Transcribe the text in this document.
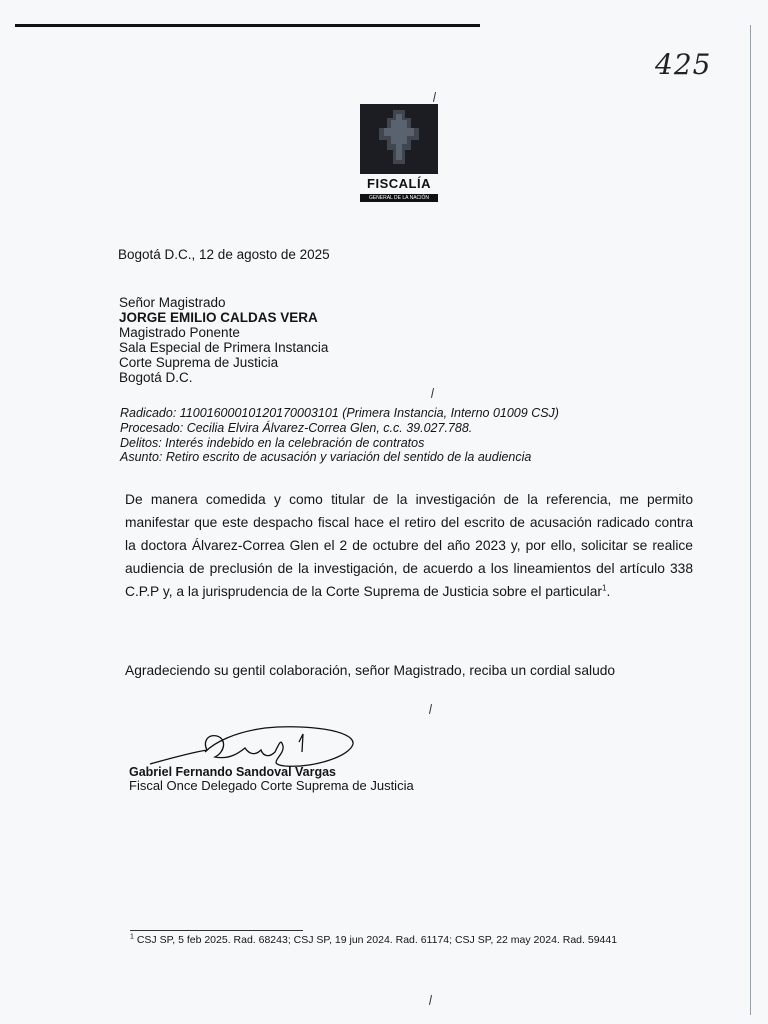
425
FISCALÍA
GENERAL DE LA NACIÓN
Bogotá D.C., 12 de agosto de 2025
Señor Magistrado
JORGE EMILIO CALDAS VERA
Magistrado Ponente
Sala Especial de Primera Instancia
Corte Suprema de Justicia
Bogotá D.C.
Radicado: 11001600010120170003101 (Primera Instancia, Interno 01009 CSJ)
Procesado: Cecilia Elvira Álvarez-Correa Glen, c.c. 39.027.788.
Delitos: Interés indebido en la celebración de contratos
Asunto: Retiro escrito de acusación y variación del sentido de la audiencia
De manera comedida y como titular de la investigación de la referencia, me permito manifestar que este despacho fiscal hace el retiro del escrito de acusación radicado contra la doctora Álvarez-Correa Glen el 2 de octubre del año 2023 y, por ello, solicitar se realice audiencia de preclusión de la investigación, de acuerdo a los lineamientos del artículo 338 C.P.P y, a la jurisprudencia de la Corte Suprema de Justicia sobre el particular$^1$.
Agradeciendo su gentil colaboración, señor Magistrado, reciba un cordial saludo
Gabriel Fernando Sandoval Vargas
Fiscal Once Delegado Corte Suprema de Justicia
$^1$ CSJ SP, 5 feb 2025. Rad. 68243; CSJ SP, 19 jun 2024. Rad. 61174; CSJ SP, 22 may 2024. Rad. 59441
